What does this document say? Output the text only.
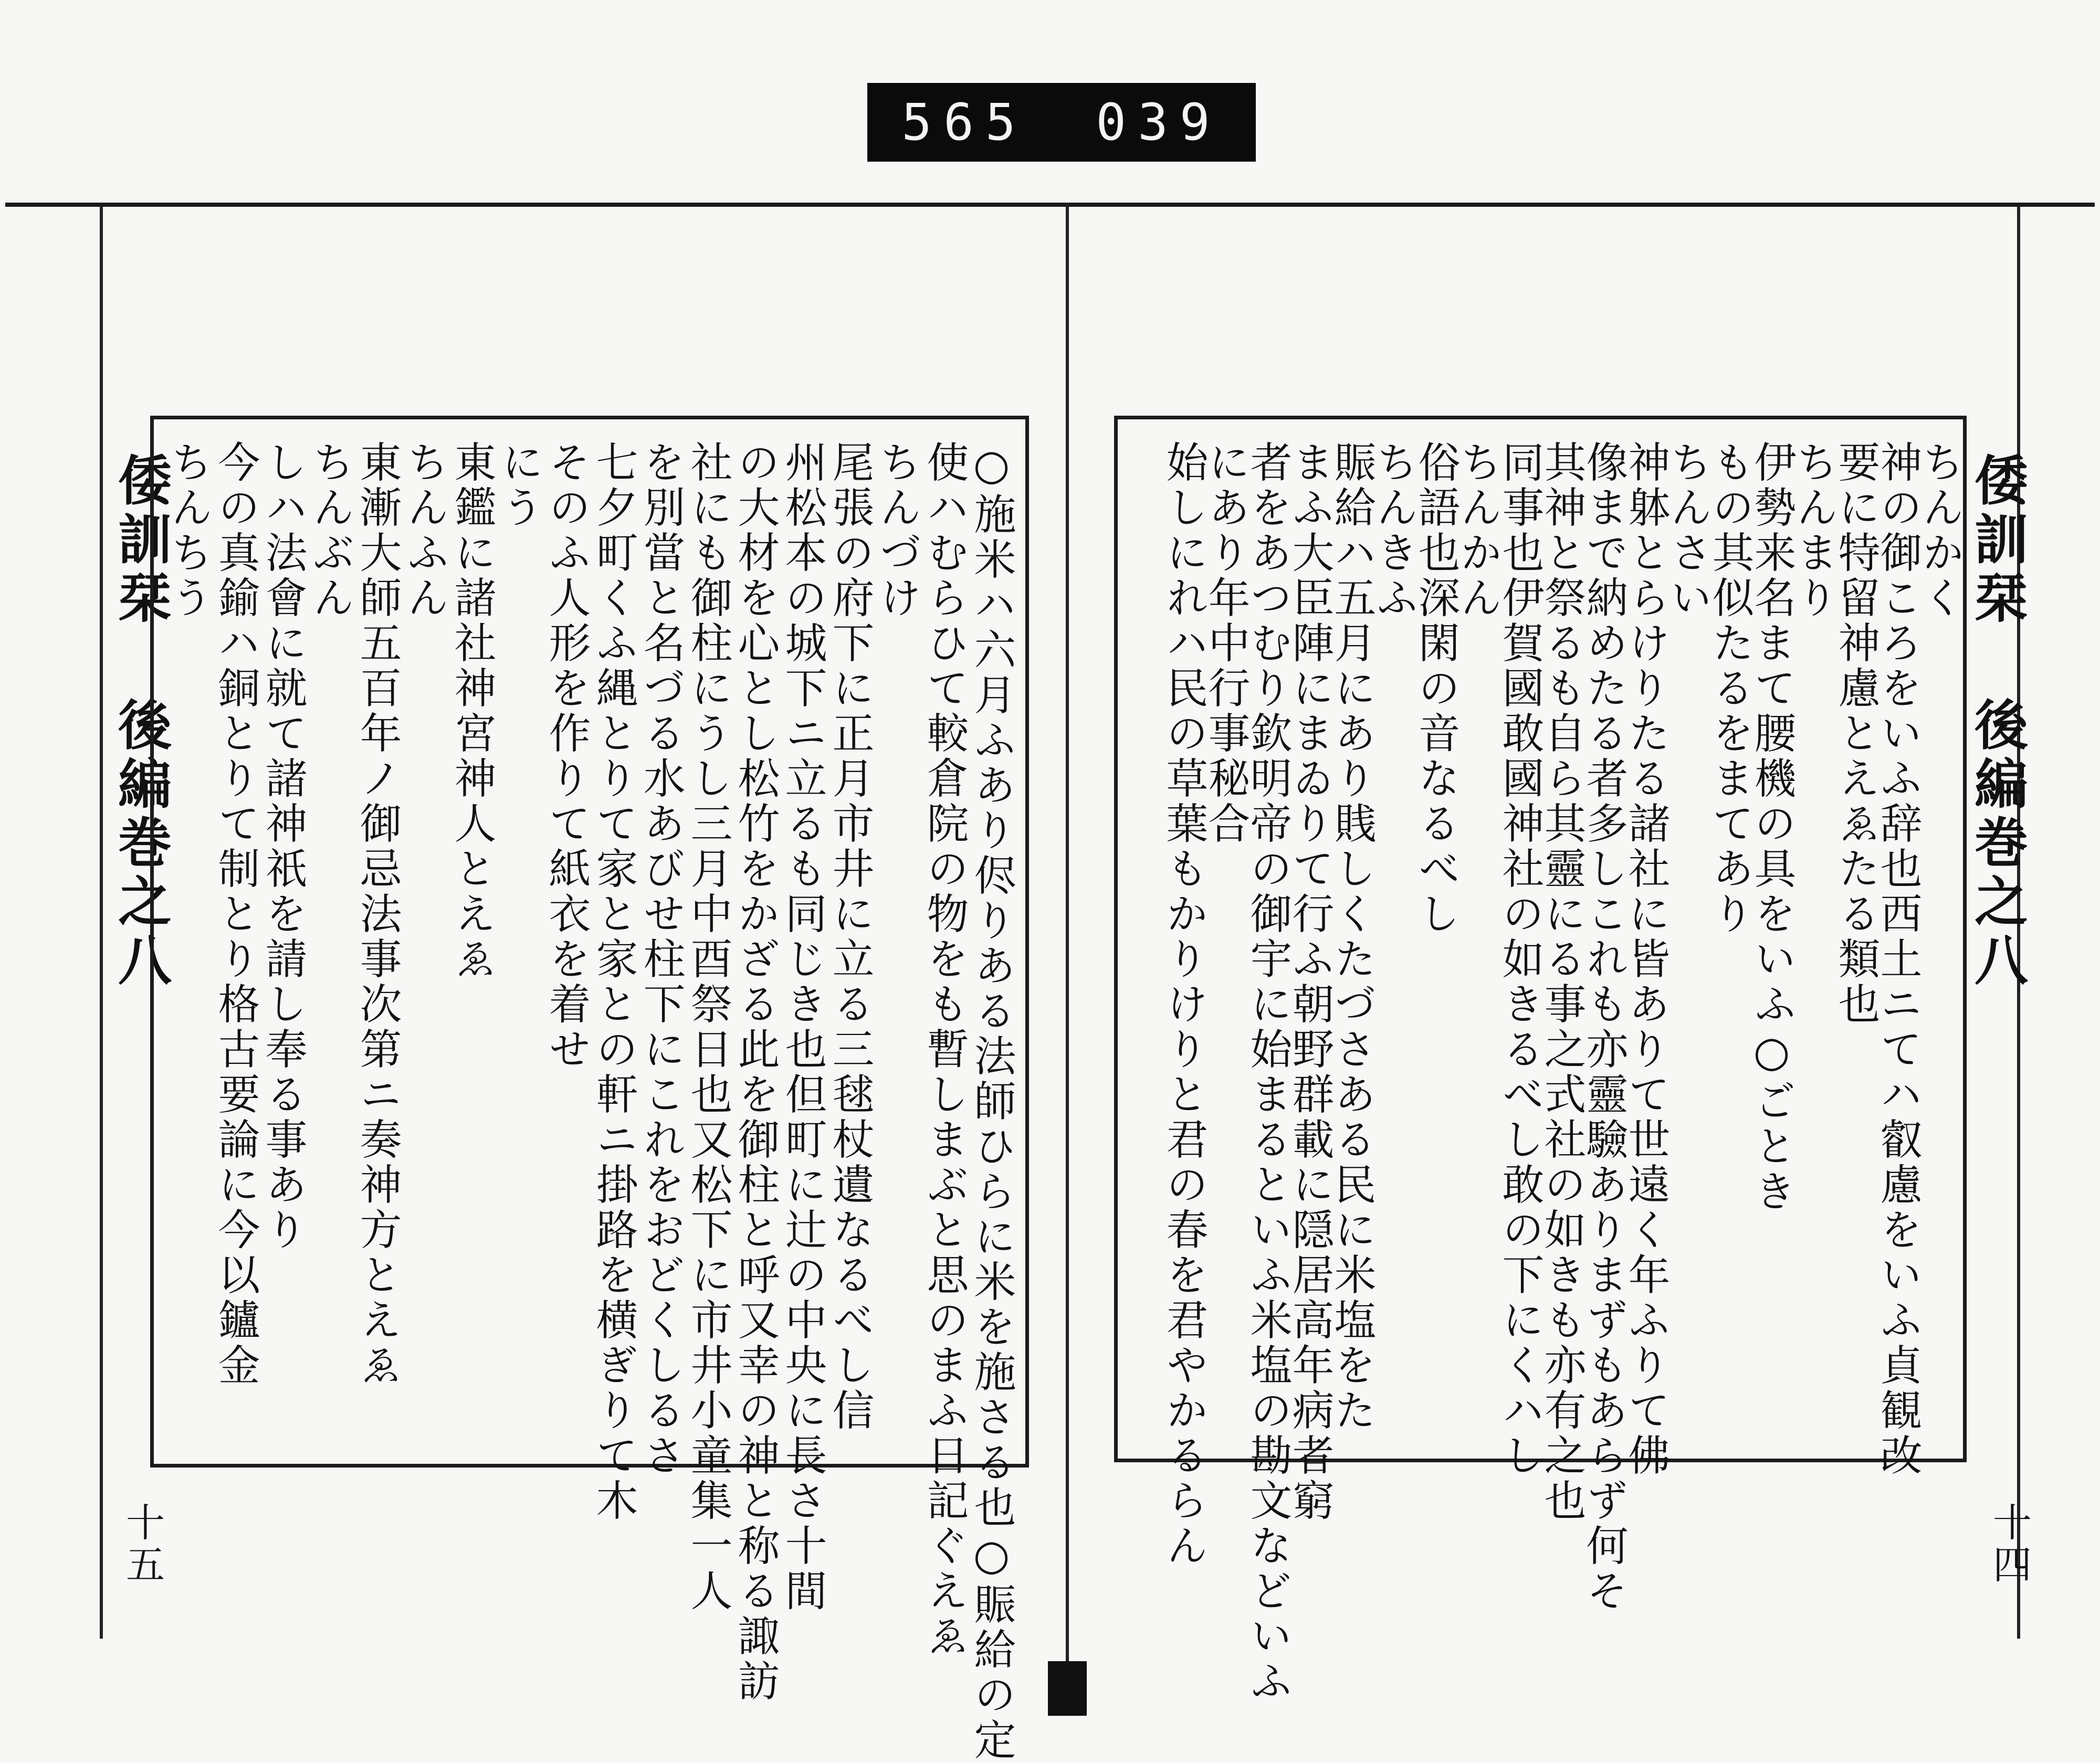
565 039
倭訓栞 後編巻之八
十五
ちんちう
今の真鍮ハ銅とりて制とり格古要論に今以鑪金
しハ法會に就て諸神祇を請し奉る事あり
ちんぶん
東漸大師五百年ノ御忌法事次第ニ奏神方とえゑ
ちんふん
東鑑に諸社神宮神人とえゑ
にう
そのふ人形を作りて紙衣を着せ
七夕町くふ縄とりて家と家との軒ニ掛路を横ぎりて木
を別當と名づる水あびせ柱下にこれをおどくしるさ
社にも御柱にうし三月中酉祭日也又松下に市井小童集一人
の大材を心とし松竹をかざる此を御柱と呼又幸の神と称る諏訪
州松本の城下ニ立るも同じき也但町に辻の中央に長さ十間
尾張の府下に正月市井に立る三毬杖遺なるべし信
ちんづけ
使ハむらひて較倉院の物をも暫しまぶと思のまふ日記ぐえゑ
○施米ハ六月ふあり侭りある法師ひらに米を施さる也○賑給の定	倭訓栞 後編巻之八
十四
ちんかく
神の御ころをいふ辞也西土ニてハ叡慮をいふ貞観改
要に特留神慮とえゑたる類也
ちんまり
伊勢来名まて腰機の具をいふ○ごとき
もの其似たるをまてあり
ちんさい
神躰とらけりたる諸社に皆ありて世遠く年ふりて佛
像まで納めたる者多しこれも亦靈驗ありまずもあらず何そ
其神と祭るも自ら其靈にる事之式社の如きも亦有之也
同事也伊賀國敢國神社の如きるべし敢の下にくハし
ちんかん
俗語也深閑の音なるべし
ちんきふ
賑給ハ五月にあり賎しくたづさある民に米塩をた
まふ大臣陣にまゐりて行ふ朝野群載に隠居高年病者窮
者をあつむり欽明帝の御宇に始まるといふ米塩の勘文などいふ
にあり年中行事秘合
始しにれハ民の草葉もかりけりと君の春を君やかるらん
